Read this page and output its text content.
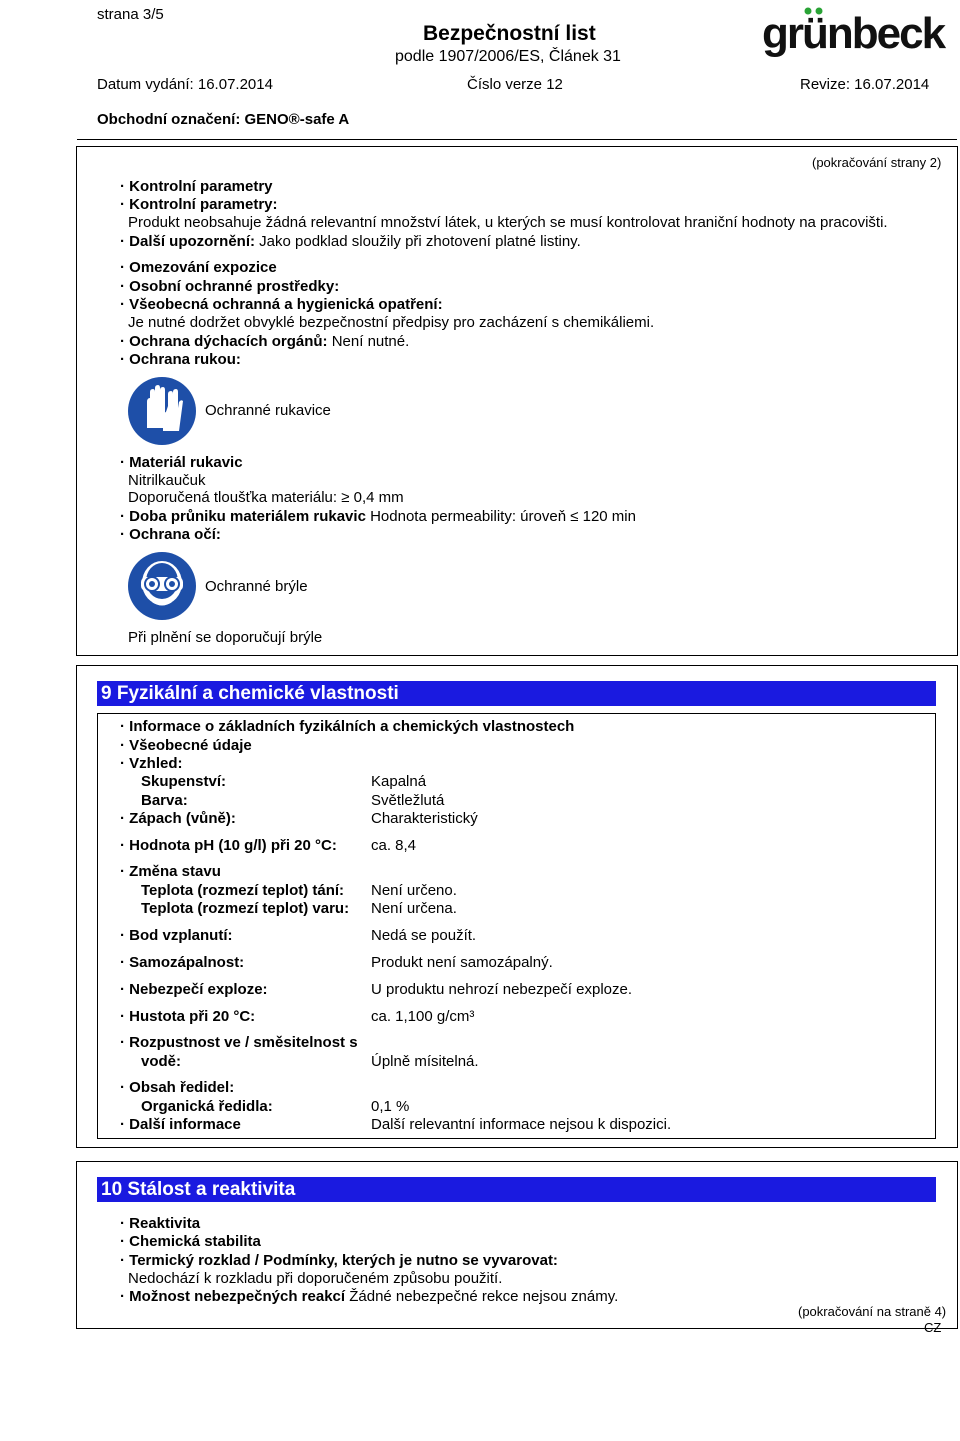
strana 3/5
Bezpečnostní list
podle 1907/2006/ES, Článek 31	grünbeck
Datum vydání: 16.07.2014	Číslo verze 12	Revize: 16.07.2014
Obchodní označení: GENO®-safe A
(pokračování strany 2)
· Kontrolní parametry
· Kontrolní parametry:
Produkt neobsahuje žádná relevantní množství látek, u kterých se musí kontrolovat hraniční hodnoty na pracovišti.
· Další upozornění: Jako podklad sloužily při zhotovení platné listiny.
· Omezování expozice
· Osobní ochranné prostředky:
· Všeobecná ochranná a hygienická opatření:
Je nutné dodržet obvyklé bezpečnostní předpisy pro zacházení s chemikáliemi.
· Ochrana dýchacích orgánů: Není nutné.
· Ochrana rukou:
Ochranné rukavice
· Materiál rukavic
Nitrilkaučuk
Doporučená tloušťka materiálu: ≥ 0,4 mm
· Doba průniku materiálem rukavic Hodnota permeability: úroveň ≤ 120 min
· Ochrana očí:
Ochranné brýle
Při plnění se doporučují brýle
9 Fyzikální a chemické vlastnosti
· Informace o základních fyzikálních a chemických vlastnostech
· Všeobecné údaje
· Vzhled:
Skupenství:	Kapalná
Barva:	Světležlutá
· Zápach (vůně):	Charakteristický
· Hodnota pH (10 g/l) při 20 °C: ca. 8,4
· Změna stavu
Teplota (rozmezí teplot) tání: Není určeno.
Teplota (rozmezí teplot) varu: Není určena.
· Bod vzplanutí:	Nedá se použít.
· Samozápalnost:	Produkt není samozápalný.
· Nebezpečí exploze:	U produktu nehrozí nebezpečí exploze.
· Hustota při 20 °C:	ca. 1,100 g/cm³
· Rozpustnost ve / směsitelnost s
vodě:	Úplně mísitelná.
· Obsah ředidel:
Organická ředidla:	0,1 %
· Další informace	Další relevantní informace nejsou k dispozici.
10 Stálost a reaktivita
· Reaktivita
· Chemická stabilita
· Termický rozklad / Podmínky, kterých je nutno se vyvarovat:
Nedochází k rozkladu při doporučeném způsobu použití.
· Možnost nebezpečných reakcí Žádné nebezpečné rekce nejsou známy.
(pokračování na straně 4)
CZ
